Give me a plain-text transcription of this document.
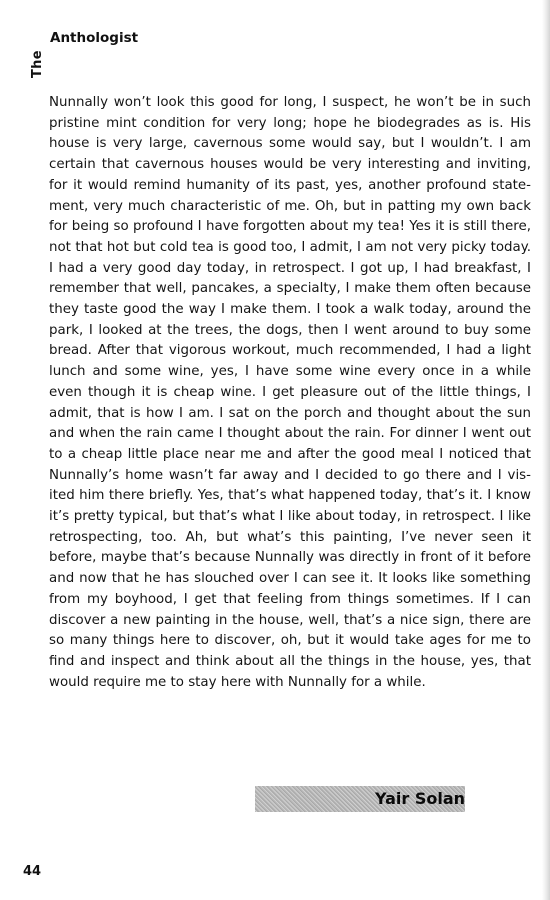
The
Anthologist

Nunnally won’t look this good for long, I suspect, he won’t be in such pristine mint condition for very long; hope he biodegrades as is. His house is very large, cavernous some would say, but I wouldn’t. I am certain that cavernous houses would be very interesting and inviting, for it would remind humanity of its past, yes, another profound statement, very much characteristic of me. Oh, but in patting my own back for being so profound I have forgotten about my tea! Yes it is still there, not that hot but cold tea is good too, I admit, I am not very picky today. I had a very good day today, in retrospect. I got up, I had breakfast, I remember that well, pancakes, a specialty, I make them often because they taste good the way I make them. I took a walk today, around the park, I looked at the trees, the dogs, then I went around to buy some bread. After that vigorous workout, much recommended, I had a light lunch and some wine, yes, I have some wine every once in a while even though it is cheap wine. I get pleasure out of the little things, I admit, that is how I am. I sat on the porch and thought about the sun and when the rain came I thought about the rain. For dinner I went out to a cheap little place near me and after the good meal I noticed that Nunnally’s home wasn’t far away and I decided to go there and I visited him there briefly. Yes, that’s what happened today, that’s it. I know it’s pretty typical, but that’s what I like about today, in retrospect. I like retrospecting, too. Ah, but what’s this painting, I’ve never seen it before, maybe that’s because Nunnally was directly in front of it before and now that he has slouched over I can see it. It looks like something from my boyhood, I get that feeling from things sometimes. If I can discover a new painting in the house, well, that’s a nice sign, there are so many things here to discover, oh, but it would take ages for me to find and inspect and think about all the things in the house, yes, that would require me to stay here with Nunnally for a while.

Yair Solan
44
